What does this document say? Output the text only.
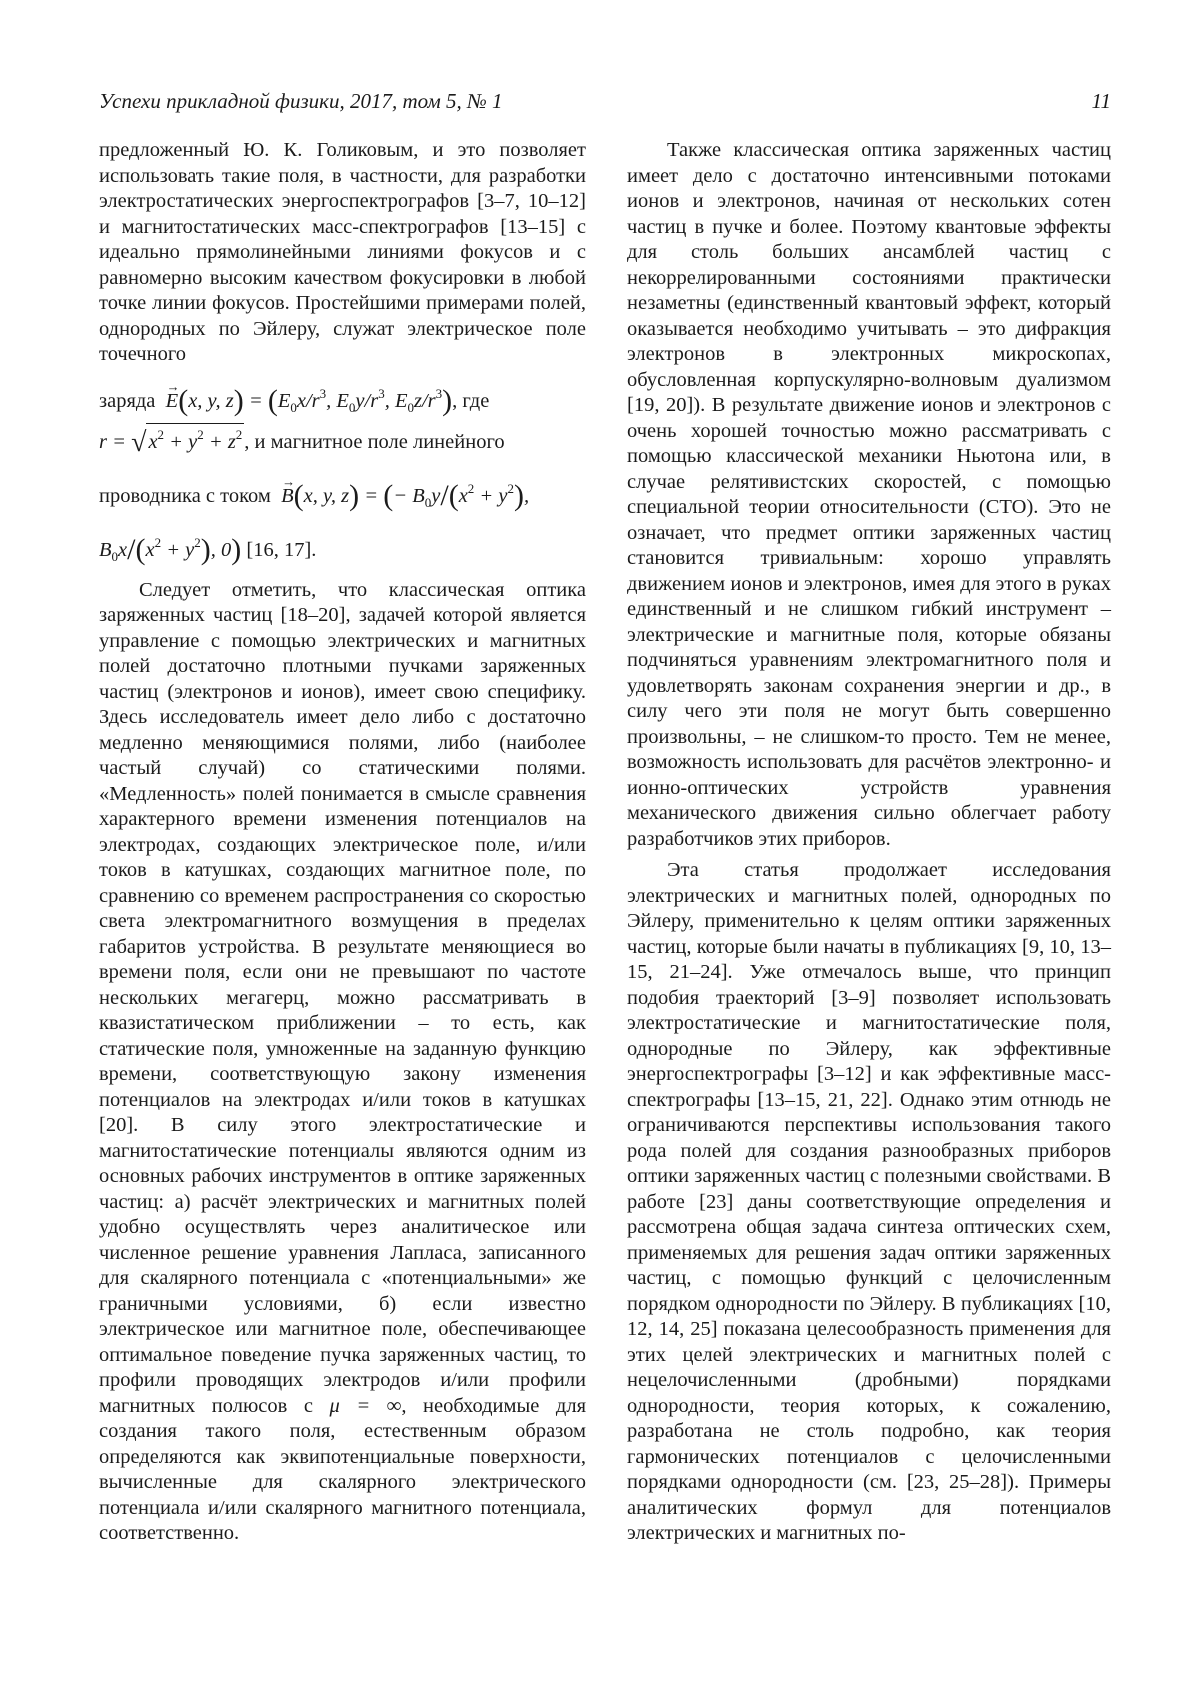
Успехи прикладной физики, 2017, том 5, № 1	11

предложенный Ю. К. Голиковым, и это позволяет использовать такие поля, в частности, для разработки электростатических энергоспектрографов [3–7, 10–12] и магнитостатических масс-спектрографов [13–15] с идеально прямолинейными линиями фокусов и с равномерно высоким качеством фокусировки в любой точке линии фокусов. Простейшими примерами полей, однородных по Эйлеру, служат электрическое поле точечного

заряда → E(x, y, $z) = (E_0x/r^3$, $E_0y/r^3$, $E_0z/r^3$), где

$r = √x^2 + y^2 + z^2$, и магнитное поле линейного

проводника с током → B(x, y, z) = (− $B_0y/(x^2 + y^2)$,

$B_0x/(x^2 + y^2)$, 0) [16, 17].

Следует отметить, что классическая оптика заряженных частиц [18–20], задачей которой является управление с помощью электрических и магнитных полей достаточно плотными пучками заряженных частиц (электронов и ионов), имеет свою специфику. Здесь исследователь имеет дело либо с достаточно медленно меняющимися полями, либо (наиболее частый случай) со статическими полями. «Медленность» полей понимается в смысле сравнения характерного времени изменения потенциалов на электродах, создающих электрическое поле, и/или токов в катушках, создающих магнитное поле, по сравнению со временем распространения со скоростью света электромагнитного возмущения в пределах габаритов устройства. В результате меняющиеся во времени поля, если они не превышают по частоте нескольких мегагерц, можно рассматривать в квазистатическом приближении – то есть, как статические поля, умноженные на заданную функцию времени, соответствующую закону изменения потенциалов на электродах и/или токов в катушках [20]. В силу этого электростатические и магнитостатические потенциалы являются одним из основных рабочих инструментов в оптике заряженных частиц: а) расчёт электрических и магнитных полей удобно осуществлять через аналитическое или численное решение уравнения Лапласа, записанного для скалярного потенциала с «потенциальными» же граничными условиями, б) если известно электрическое или магнитное поле, обеспечивающее оптимальное поведение пучка заряженных частиц, то профили проводящих электродов и/или профили магнитных полюсов с μ = ∞, необходимые для создания такого поля, естественным образом определяются как эквипотенциальные поверхности, вычисленные для скалярного электрического потенциала и/или скалярного магнитного потенциала, соответственно.

Также классическая оптика заряженных частиц имеет дело с достаточно интенсивными потоками ионов и электронов, начиная от нескольких сотен частиц в пучке и более. Поэтому квантовые эффекты для столь больших ансамблей частиц с некоррелированными состояниями практически незаметны (единственный квантовый эффект, который оказывается необходимо учитывать – это дифракция электронов в электронных микроскопах, обусловленная корпускулярно-волновым дуализмом [19, 20]). В результате движение ионов и электронов с очень хорошей точностью можно рассматривать с помощью классической механики Ньютона или, в случае релятивистских скоростей, с помощью специальной теории относительности (СТО). Это не означает, что предмет оптики заряженных частиц становится тривиальным: хорошо управлять движением ионов и электронов, имея для этого в руках единственный и не слишком гибкий инструмент – электрические и магнитные поля, которые обязаны подчиняться уравнениям электромагнитного поля и удовлетворять законам сохранения энергии и др., в силу чего эти поля не могут быть совершенно произвольны, – не слишком-то просто. Тем не менее, возможность использовать для расчётов электронно- и ионно-оптических устройств уравнения механического движения сильно облегчает работу разработчиков этих приборов.

Эта статья продолжает исследования электрических и магнитных полей, однородных по Эйлеру, применительно к целям оптики заряженных частиц, которые были начаты в публикациях [9, 10, 13–15, 21–24]. Уже отмечалось выше, что принцип подобия траекторий [3–9] позволяет использовать электростатические и магнитостатические поля, однородные по Эйлеру, как эффективные энергоспектрографы [3–12] и как эффективные масс-спектрографы [13–15, 21, 22]. Однако этим отнюдь не ограничиваются перспективы использования такого рода полей для создания разнообразных приборов оптики заряженных частиц с полезными свойствами. В работе [23] даны соответствующие определения и рассмотрена общая задача синтеза оптических схем, применяемых для решения задач оптики заряженных частиц, с помощью функций с целочисленным порядком однородности по Эйлеру. В публикациях [10, 12, 14, 25] показана целесообразность применения для этих целей электрических и магнитных полей с нецелочисленными (дробными) порядками однородности, теория которых, к сожалению, разработана не столь подробно, как теория гармонических потенциалов с целочисленными порядками однородности (см. [23, 25–28]). Примеры аналитических формул для потенциалов электрических и магнитных по-
